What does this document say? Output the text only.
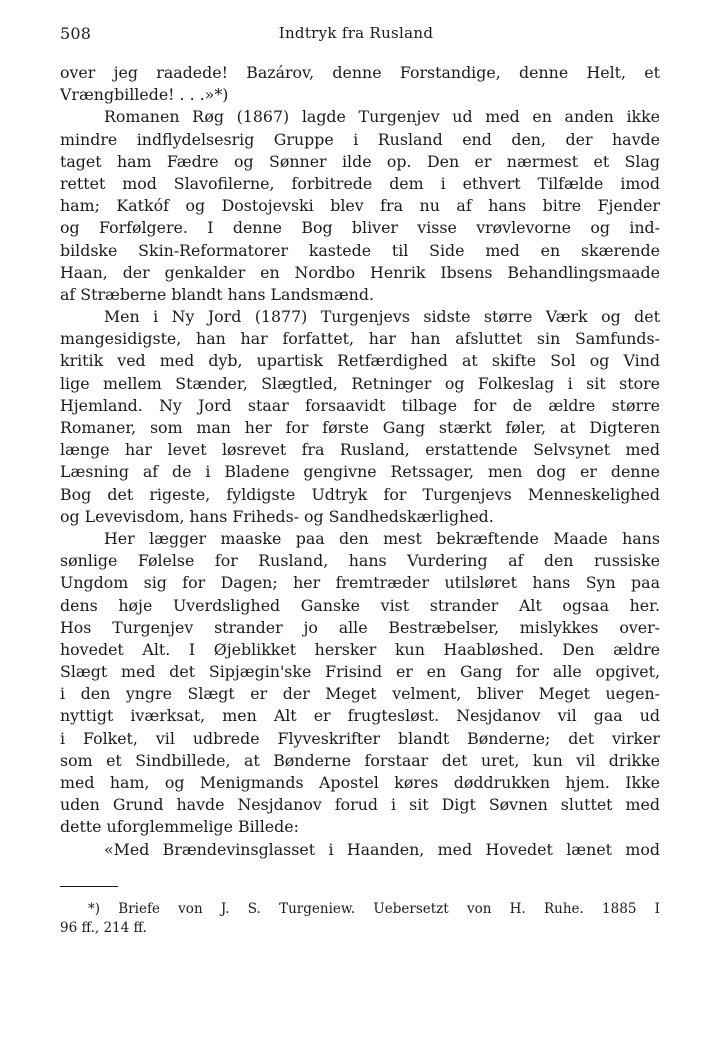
508	Indtryk fra Rusland
over jeg raadede! Bazárov, denne Forstandige, denne Helt, et
Vrængbillede! . . .»*)
Romanen Røg (1867) lagde Turgenjev ud med en anden ikke
mindre indflydelsesrig Gruppe i Rusland end den, der havde
taget ham Fædre og Sønner ilde op. Den er nærmest et Slag
rettet mod Slavofilerne, forbitrede dem i ethvert Tilfælde imod
ham; Katkóf og Dostojevski blev fra nu af hans bitre Fjender
og Forfølgere. I denne Bog bliver visse vrøvlevorne og ind-
bildske Skin-Reformatorer kastede til Side med en skærende
Haan, der genkalder en Nordbo Henrik Ibsens Behandlingsmaade
af Stræberne blandt hans Landsmænd.
Men i Ny Jord (1877) Turgenjevs sidste større Værk og det
mangesidigste, han har forfattet, har han afsluttet sin Samfunds-
kritik ved med dyb, upartisk Retfærdighed at skifte Sol og Vind
lige mellem Stænder, Slægtled, Retninger og Folkeslag i sit store
Hjemland. Ny Jord staar forsaavidt tilbage for de ældre større
Romaner, som man her for første Gang stærkt føler, at Digteren
længe har levet løsrevet fra Rusland, erstattende Selvsynet med
Læsning af de i Bladene gengivne Retssager, men dog er denne
Bog det rigeste, fyldigste Udtryk for Turgenjevs Menneskelighed
og Levevisdom, hans Friheds- og Sandhedskærlighed.
Her lægger maaske paa den mest bekræftende Maade hans
sønlige Følelse for Rusland, hans Vurdering af den russiske
Ungdom sig for Dagen; her fremtræder utilsløret hans Syn paa
dens høje Uverdslighed Ganske vist strander Alt ogsaa her.
Hos Turgenjev strander jo alle Bestræbelser, mislykkes over-
hovedet Alt. I Øjeblikket hersker kun Haabløshed. Den ældre
Slægt med det Sipjægin'ske Frisind er en Gang for alle opgivet,
i den yngre Slægt er der Meget velment, bliver Meget uegen-
nyttigt iværksat, men Alt er frugtesløst. Nesjdanov vil gaa ud
i Folket, vil udbrede Flyveskrifter blandt Bønderne; det virker
som et Sindbillede, at Bønderne forstaar det uret, kun vil drikke
med ham, og Menigmands Apostel køres døddrukken hjem. Ikke
uden Grund havde Nesjdanov forud i sit Digt Søvnen sluttet med
dette uforglemmelige Billede:
«Med Brændevinsglasset i Haanden, med Hovedet lænet mod
*) Briefe von J. S. Turgeniew. Uebersetzt von H. Ruhe. 1885 I
96 ff., 214 ff.
